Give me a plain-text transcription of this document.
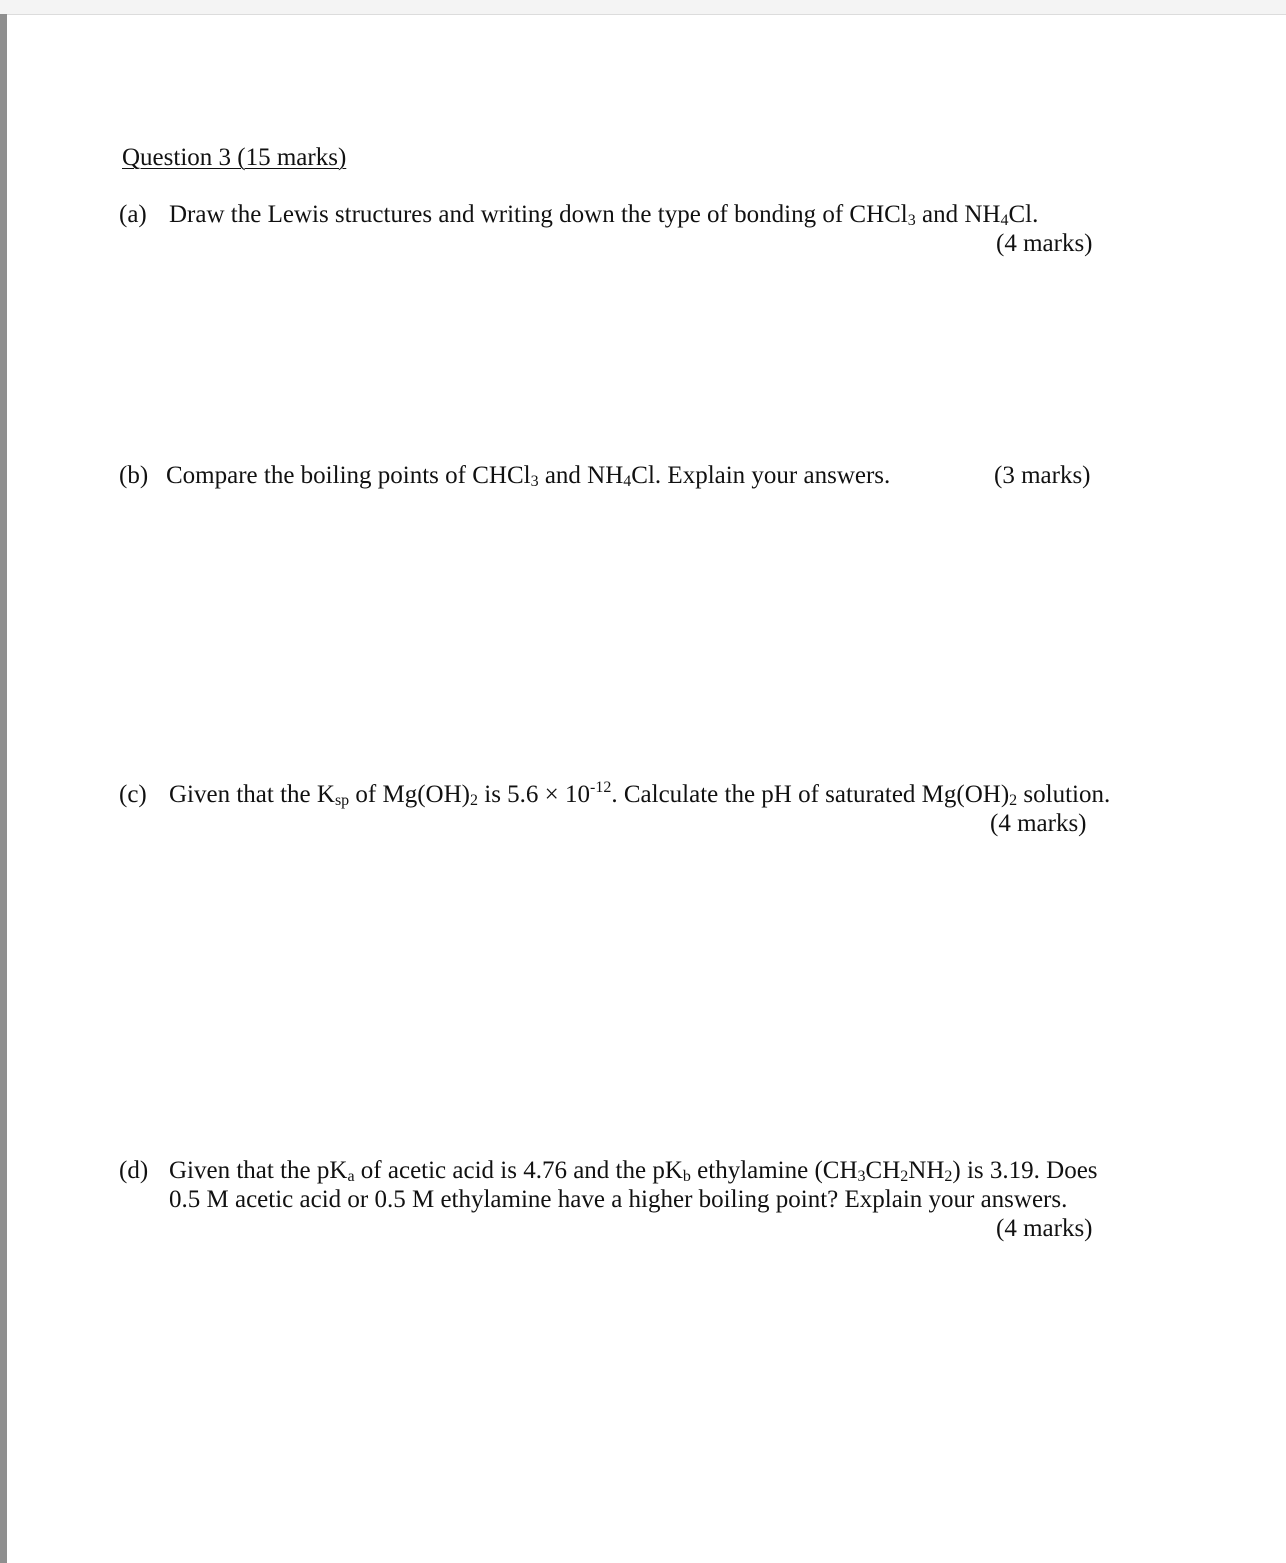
Question 3 (15 marks)
(a) Draw the Lewis structures and writing down the type of bonding of CHCl$_3$ and $NH_4Cl$.
(4 marks)
(b) Compare the boiling points of CHCl$_3$ and $NH_4Cl$. Explain your answers.	(3 marks)
(c) Given that the $K_{sp}$ of $Mg(OH)_2$ is $5.6 \times 10^{-12}$. Calculate the pH of saturated $Mg(OH)_2$ solution.
(4 marks)
(d) Given that the $pK_a$ of acetic acid is 4.76 and the $pK_b$ ethylamine $(CH_3CH_2NH_2)$ is 3.19. Does
0.5 M acetic acid or 0.5 M ethylamine have a higher boiling point? Explain your answers.
(4 marks)
